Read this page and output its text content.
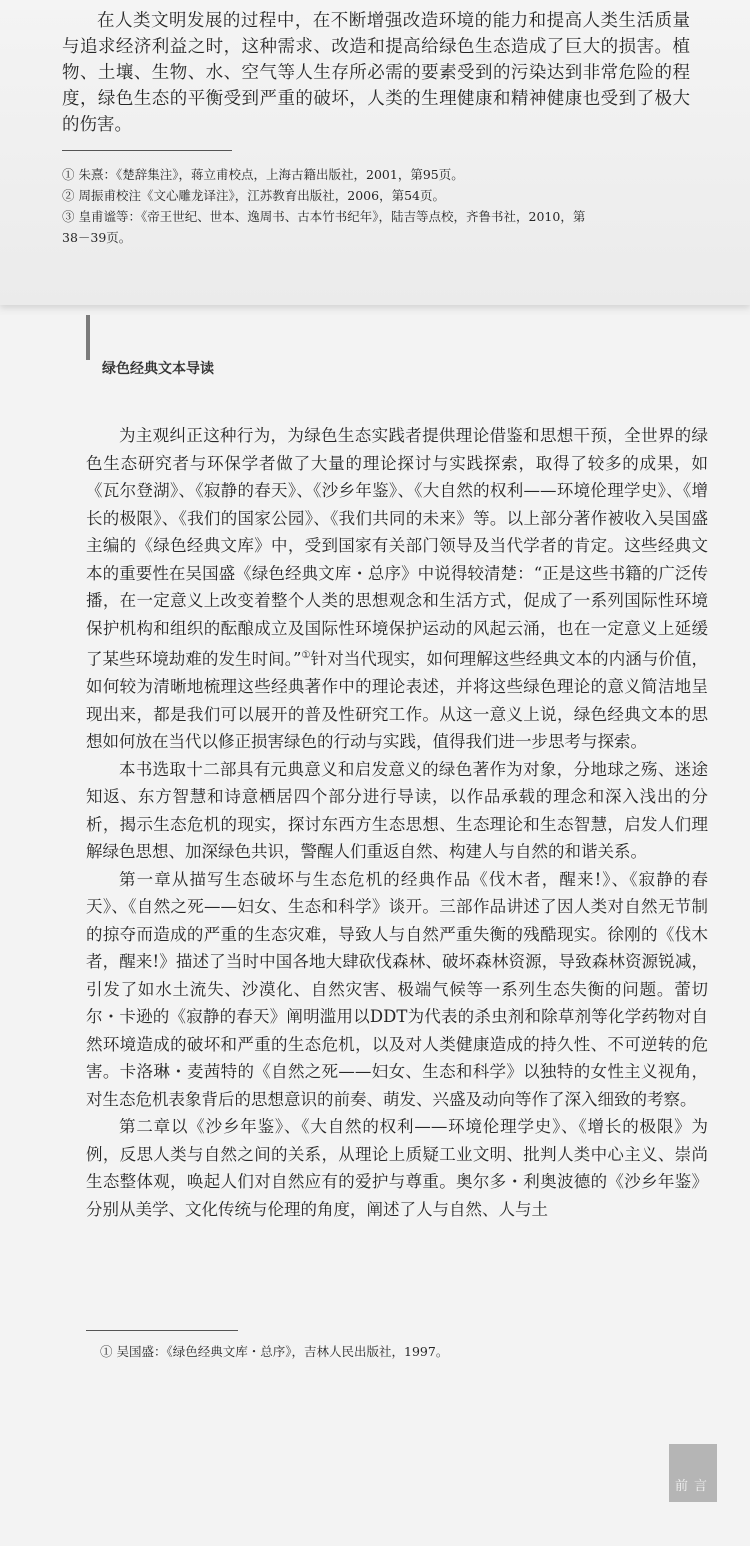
在人类文明发展的过程中，在不断增强改造环境的能力和提高人类生活质量与追求经济利益之时，这种需求、改造和提高给绿色生态造成了巨大的损害。植物、土壤、生物、水、空气等人生存所必需的要素受到的污染达到非常危险的程度，绿色生态的平衡受到严重的破坏，人类的生理健康和精神健康也受到了极大的伤害。

① 朱熹：《楚辞集注》，蒋立甫校点，上海古籍出版社，2001，第95页。
② 周振甫校注《文心雕龙译注》，江苏教育出版社，2006，第54页。
③ 皇甫谧等：《帝王世纪、世本、逸周书、古本竹书纪年》，陆吉等点校，齐鲁书社，2010，第
38－39页。
绿色经典文本导读

为主观纠正这种行为，为绿色生态实践者提供理论借鉴和思想干预，全世界的绿色生态研究者与环保学者做了大量的理论探讨与实践探索，取得了较多的成果，如《瓦尔登湖》、《寂静的春天》、《沙乡年鉴》、《大自然的权利——环境伦理学史》、《增长的极限》、《我们的国家公园》、《我们共同的未来》等。以上部分著作被收入吴国盛主编的《绿色经典文库》中，受到国家有关部门领导及当代学者的肯定。这些经典文本的重要性在吴国盛《绿色经典文库・总序》中说得较清楚：“正是这些书籍的广泛传播，在一定意义上改变着整个人类的思想观念和生活方式，促成了一系列国际性环境保护机构和组织的酝酿成立及国际性环境保护运动的风起云涌，也在一定意义上延缓了某些环境劫难的发生时间。”①针对当代现实，如何理解这些经典文本的内涵与价值，如何较为清晰地梳理这些经典著作中的理论表述，并将这些绿色理论的意义简洁地呈现出来，都是我们可以展开的普及性研究工作。从这一意义上说，绿色经典文本的思想如何放在当代以修正损害绿色的行动与实践，值得我们进一步思考与探索。

本书选取十二部具有元典意义和启发意义的绿色著作为对象，分地球之殇、迷途知返、东方智慧和诗意栖居四个部分进行导读，以作品承载的理念和深入浅出的分析，揭示生态危机的现实，探讨东西方生态思想、生态理论和生态智慧，启发人们理解绿色思想、加深绿色共识，警醒人们重返自然、构建人与自然的和谐关系。

第一章从描写生态破坏与生态危机的经典作品《伐木者，醒来!》、《寂静的春天》、《自然之死——妇女、生态和科学》谈开。三部作品讲述了因人类对自然无节制的掠夺而造成的严重的生态灾难，导致人与自然严重失衡的残酷现实。徐刚的《伐木者，醒来!》描述了当时中国各地大肆砍伐森林、破坏森林资源，导致森林资源锐减，引发了如水土流失、沙漠化、自然灾害、极端气候等一系列生态失衡的问题。蕾切尔・卡逊的《寂静的春天》阐明滥用以DDT为代表的杀虫剂和除草剂等化学药物对自然环境造成的破坏和严重的生态危机，以及对人类健康造成的持久性、不可逆转的危害。卡洛琳・麦茜特的《自然之死——妇女、生态和科学》以独特的女性主义视角，对生态危机表象背后的思想意识的前奏、萌发、兴盛及动向等作了深入细致的考察。

第二章以《沙乡年鉴》、《大自然的权利——环境伦理学史》、《增长的极限》为例，反思人类与自然之间的关系，从理论上质疑工业文明、批判人类中心主义、崇尚生态整体观，唤起人们对自然应有的爱护与尊重。奥尔多・利奥波德的《沙乡年鉴》分别从美学、文化传统与伦理的角度，阐述了人与自然、人与土

① 吴国盛：《绿色经典文库・总序》，吉林人民出版社，1997。
前言
